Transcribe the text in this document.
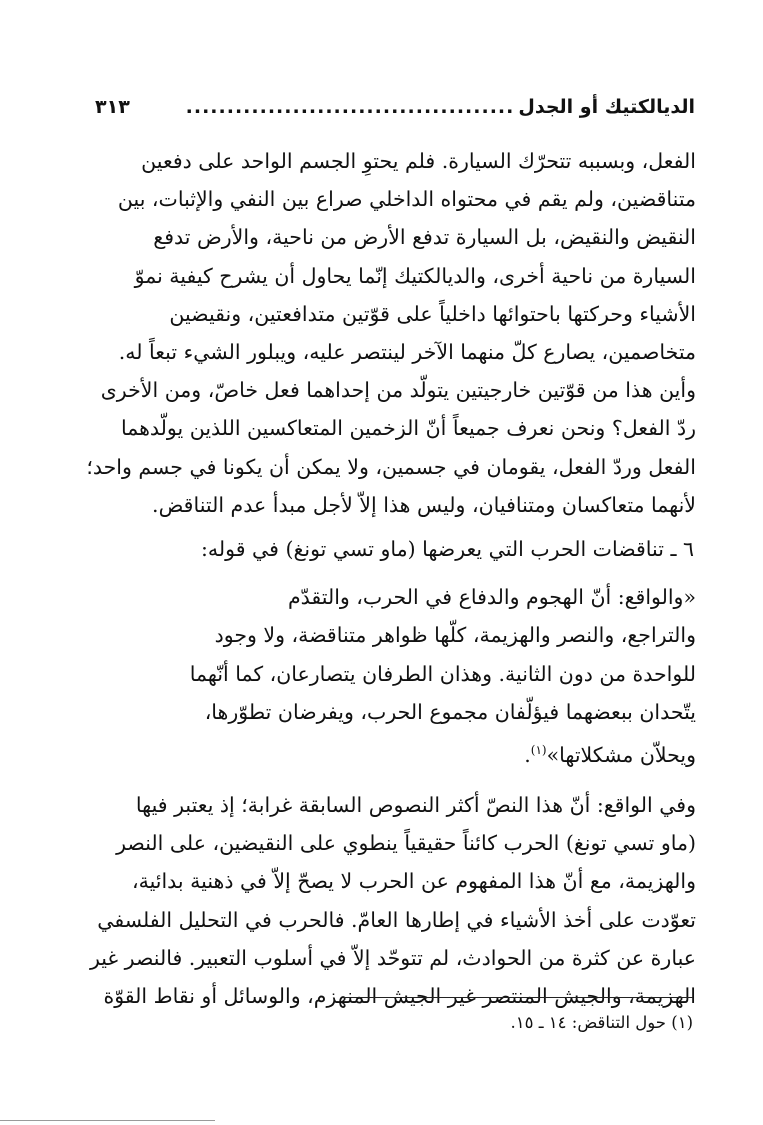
الديالكتيك أو الجدل
........................................
٣١٣

الفعل، وبسببه تتحرّك السيارة. فلم يحتوِ الجسم الواحد على دفعين
متناقضين، ولم يقم في محتواه الداخلي صراع بين النفي والإثبات، بين
النقيض والنقيض، بل السيارة تدفع الأرض من ناحية، والأرض تدفع
السيارة من ناحية أخرى، والديالكتيك إنّما يحاول أن يشرح كيفية نموّ
الأشياء وحركتها باحتوائها داخلياً على قوّتين متدافعتين، ونقيضين
متخاصمين، يصارع كلّ منهما الآخر لينتصر عليه، ويبلور الشيء تبعاً له.
وأين هذا من قوّتين خارجيتين يتولّد من إحداهما فعل خاصّ، ومن الأخرى
ردّ الفعل؟ ونحن نعرف جميعاً أنّ الزخمين المتعاكسين اللذين يولّدهما
الفعل وردّ الفعل، يقومان في جسمين، ولا يمكن أن يكونا في جسم واحد؛
لأنهما متعاكسان ومتنافيان، وليس هذا إلاّ لأجل مبدأ عدم التناقض.

٦ ـ تناقضات الحرب التي يعرضها (ماو تسي تونغ) في قوله:

«والواقع: أنّ الهجوم والدفاع في الحرب، والتقدّم
والتراجع، والنصر والهزيمة، كلّها ظواهر متناقضة، ولا وجود
للواحدة من دون الثانية. وهذان الطرفان يتصارعان، كما أنّهما
يتّحدان ببعضهما فيؤلّفان مجموع الحرب، ويفرضان تطوّرها،
ويحلاّن مشكلاتها»$^{(١)}$.

وفي الواقع: أنّ هذا النصّ أكثر النصوص السابقة غرابة؛ إذ يعتبر فيها
(ماو تسي تونغ) الحرب كائناً حقيقياً ينطوي على النقيضين، على النصر
والهزيمة، مع أنّ هذا المفهوم عن الحرب لا يصحّ إلاّ في ذهنية بدائية،
تعوّدت على أخذ الأشياء في إطارها العامّ. فالحرب في التحليل الفلسفي
عبارة عن كثرة من الحوادث، لم تتوحّد إلاّ في أسلوب التعبير. فالنصر غير
الهزيمة، والجيش المنتصر غير الجيش المنهزم، والوسائل أو نقاط القوّة

(١) حول التناقض: ١٤ ـ ١٥.
